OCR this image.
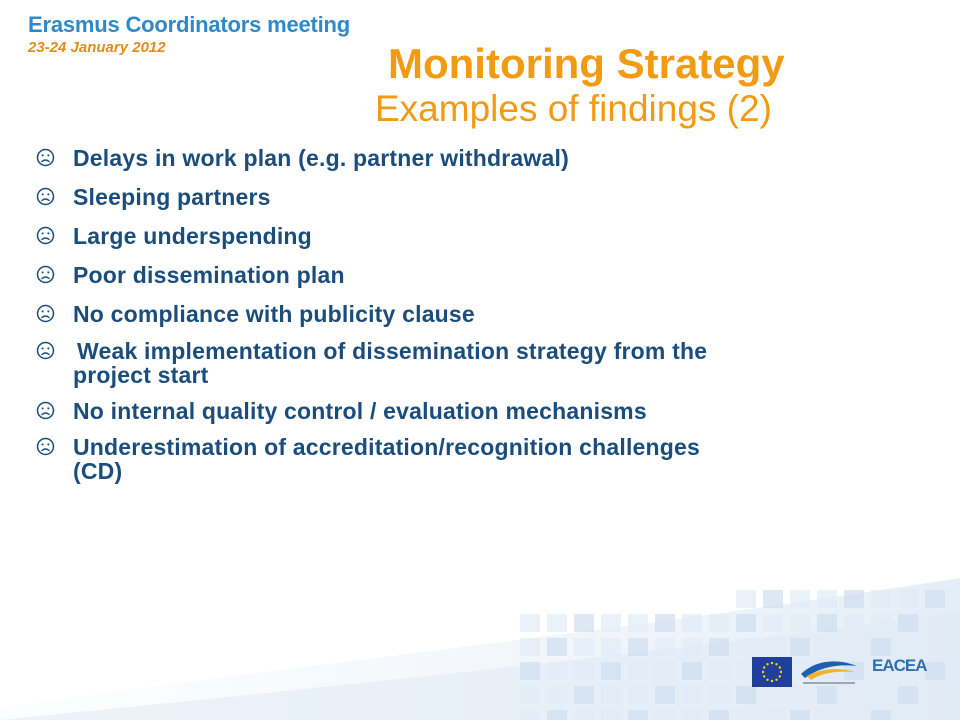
Erasmus Coordinators meeting
23-24 January 2012	Monitoring Strategy
Examples of findings (2)
Delays in work plan (e.g. partner withdrawal)
Sleeping partners
Large underspending
Poor dissemination plan
No compliance with publicity clause
Weak implementation of dissemination strategy from the
project start
No internal quality control / evaluation mechanisms
Underestimation of accreditation/recognition challenges
(CD)
EACEA
